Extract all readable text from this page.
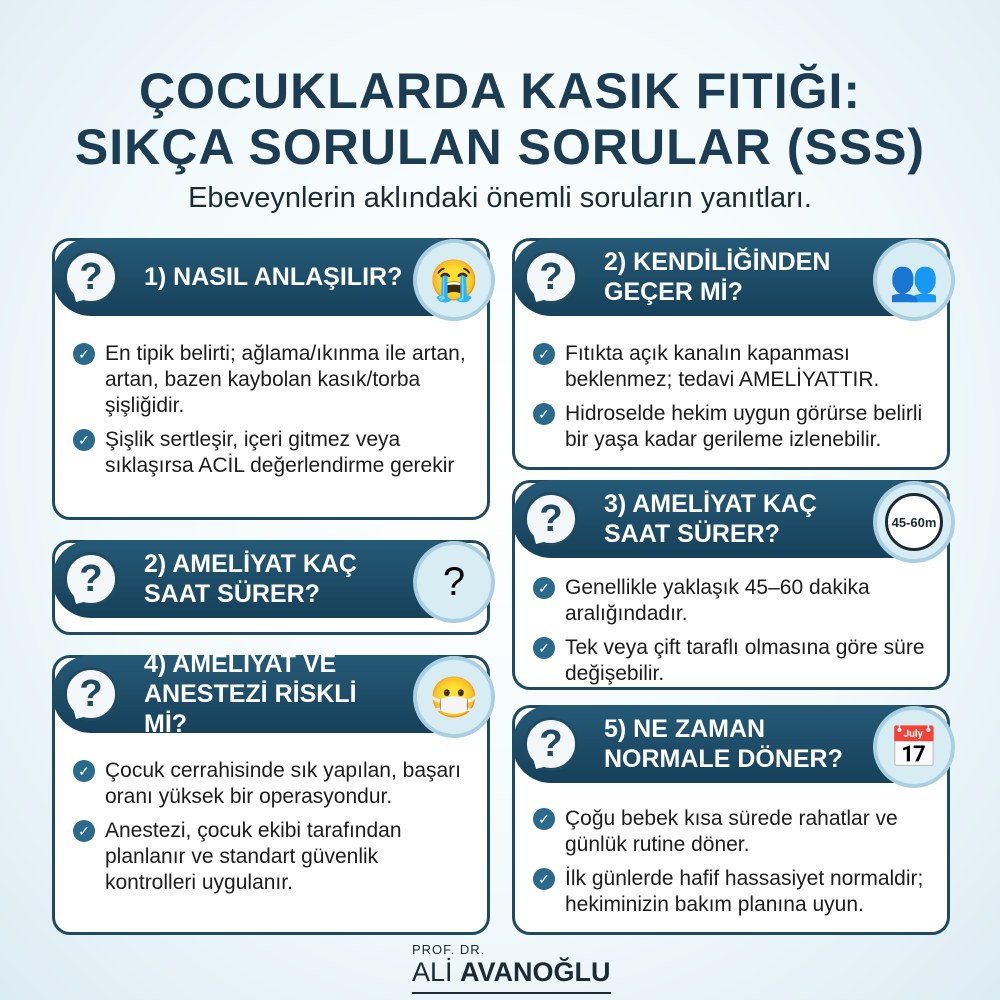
ÇOCUKLARDA KASIK FITIĞI:
SIKÇA SORULAN SORULAR (SSS)
Ebeveynlerin aklındaki önemli soruların yanıtları.
?	1) NASIL ANLAŞILIR? 😭
✓ En tipik belirti; ağlama/ıkınma ile artan, artan, bazen kaybolan kasık/torba şişliğidir.
✓ Şişlik sertleşir, içeri gitmez veya sıklaşırsa ACİL değerlendirme gerekir
?	2) AMELİYAT KAÇ SAAT SÜRER?	?
?
4) AMELİYAT VE ANESTEZİ RİSKLİ Mİ?
😷
✓ Çocuk cerrahisinde sık yapılan, başarı oranı yüksek bir operasyondur.
✓ Anestezi, çocuk ekibi tarafından planlanır ve standart güvenlik kontrolleri uygulanır.
?	2) KENDİLİĞİNDEN GEÇER Mİ?	👥
✓ Fıtıkta açık kanalın kapanması beklenmez; tedavi AMELİYATTIR.
✓ Hidroselde hekim uygun görürse belirli bir yaşa kadar gerileme izlenebilir.
?	3) AMELİYAT KAÇ SAAT SÜRER?	45-60m
✓ Genellikle yaklaşık 45–60 dakika aralığındadır.
✓ Tek veya çift taraflı olmasına göre süre değişebilir.
?	5) NE ZAMAN NORMALE DÖNER?	📅
✓ Çoğu bebek kısa sürede rahatlar ve günlük rutine döner.
✓ İlk günlerde hafif hassasiyet normaldir; hekiminizin bakım planına uyun.
PROF. DR.
ALİ AVANOĞLU
